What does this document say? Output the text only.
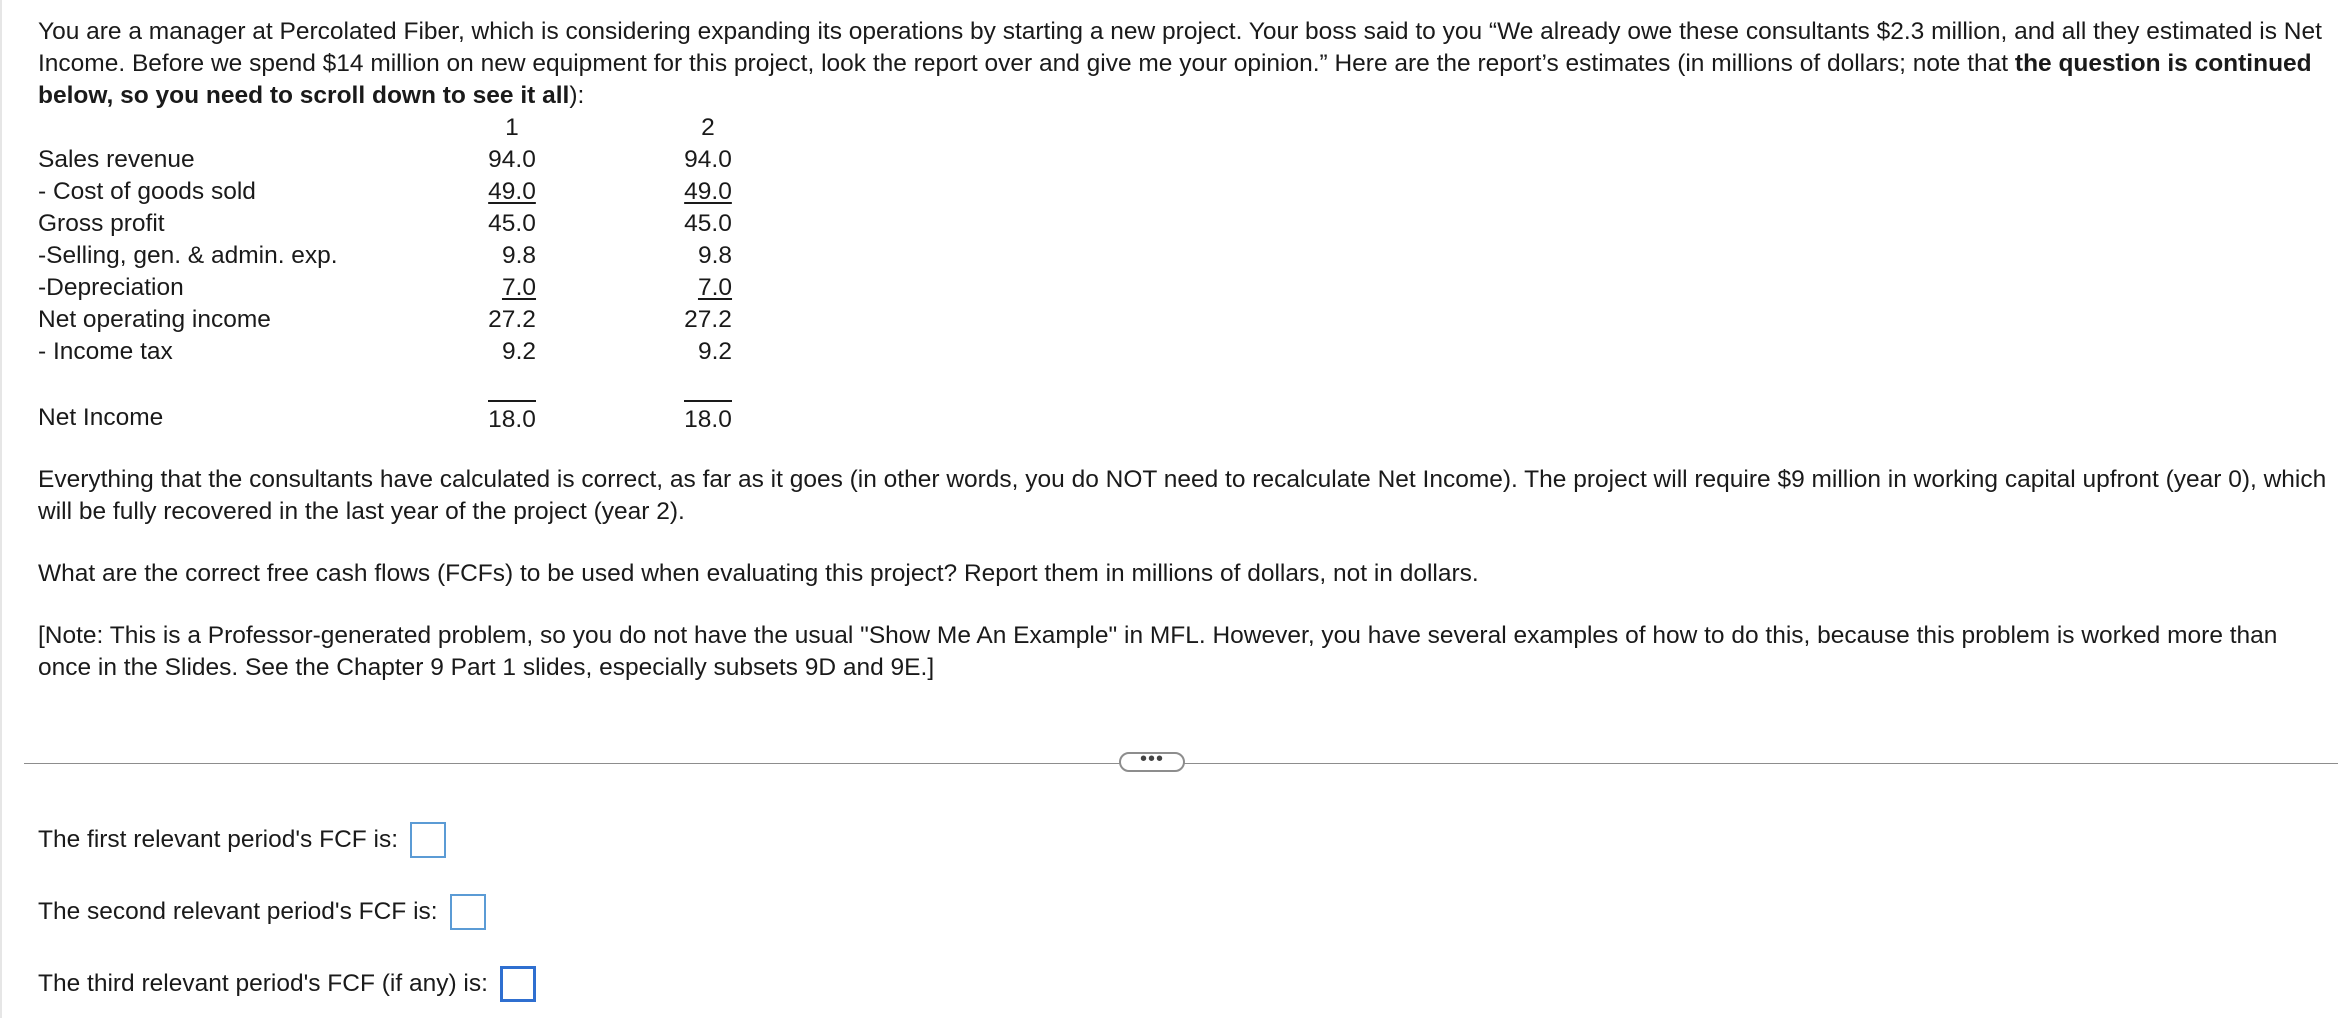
You are a manager at Percolated Fiber, which is considering expanding its operations by starting a new project. Your boss said to you “We already owe these consultants $2.3 million, and all they estimated is Net Income. Before we spend $14 million on new equipment for this project, look the report over and give me your opinion.” Here are the report’s estimates (in millions of dollars; note that the question is continued below, so you need to scroll down to see it all):

	1	2
Sales revenue	94.0	94.0
- Cost of goods sold	49.0	49.0
Gross profit	45.0	45.0
-Selling, gen. & admin. exp.	9.8	9.8
-Depreciation	7.0	7.0
Net operating income	27.2	27.2
- Income tax	9.2	9.2

Net Income	18.0	18.0

Everything that the consultants have calculated is correct, as far as it goes (in other words, you do NOT need to recalculate Net Income). The project will require $9 million in working capital upfront (year 0), which will be fully recovered in the last year of the project (year 2).

What are the correct free cash flows (FCFs) to be used when evaluating this project? Report them in millions of dollars, not in dollars.

[Note: This is a Professor-generated problem, so you do not have the usual "Show Me An Example" in MFL. However, you have several examples of how to do this, because this problem is worked more than once in the Slides. See the Chapter 9 Part 1 slides, especially subsets 9D and 9E.]

•••
The first relevant period's FCF is:
The second relevant period's FCF is:
The third relevant period's FCF (if any) is:
